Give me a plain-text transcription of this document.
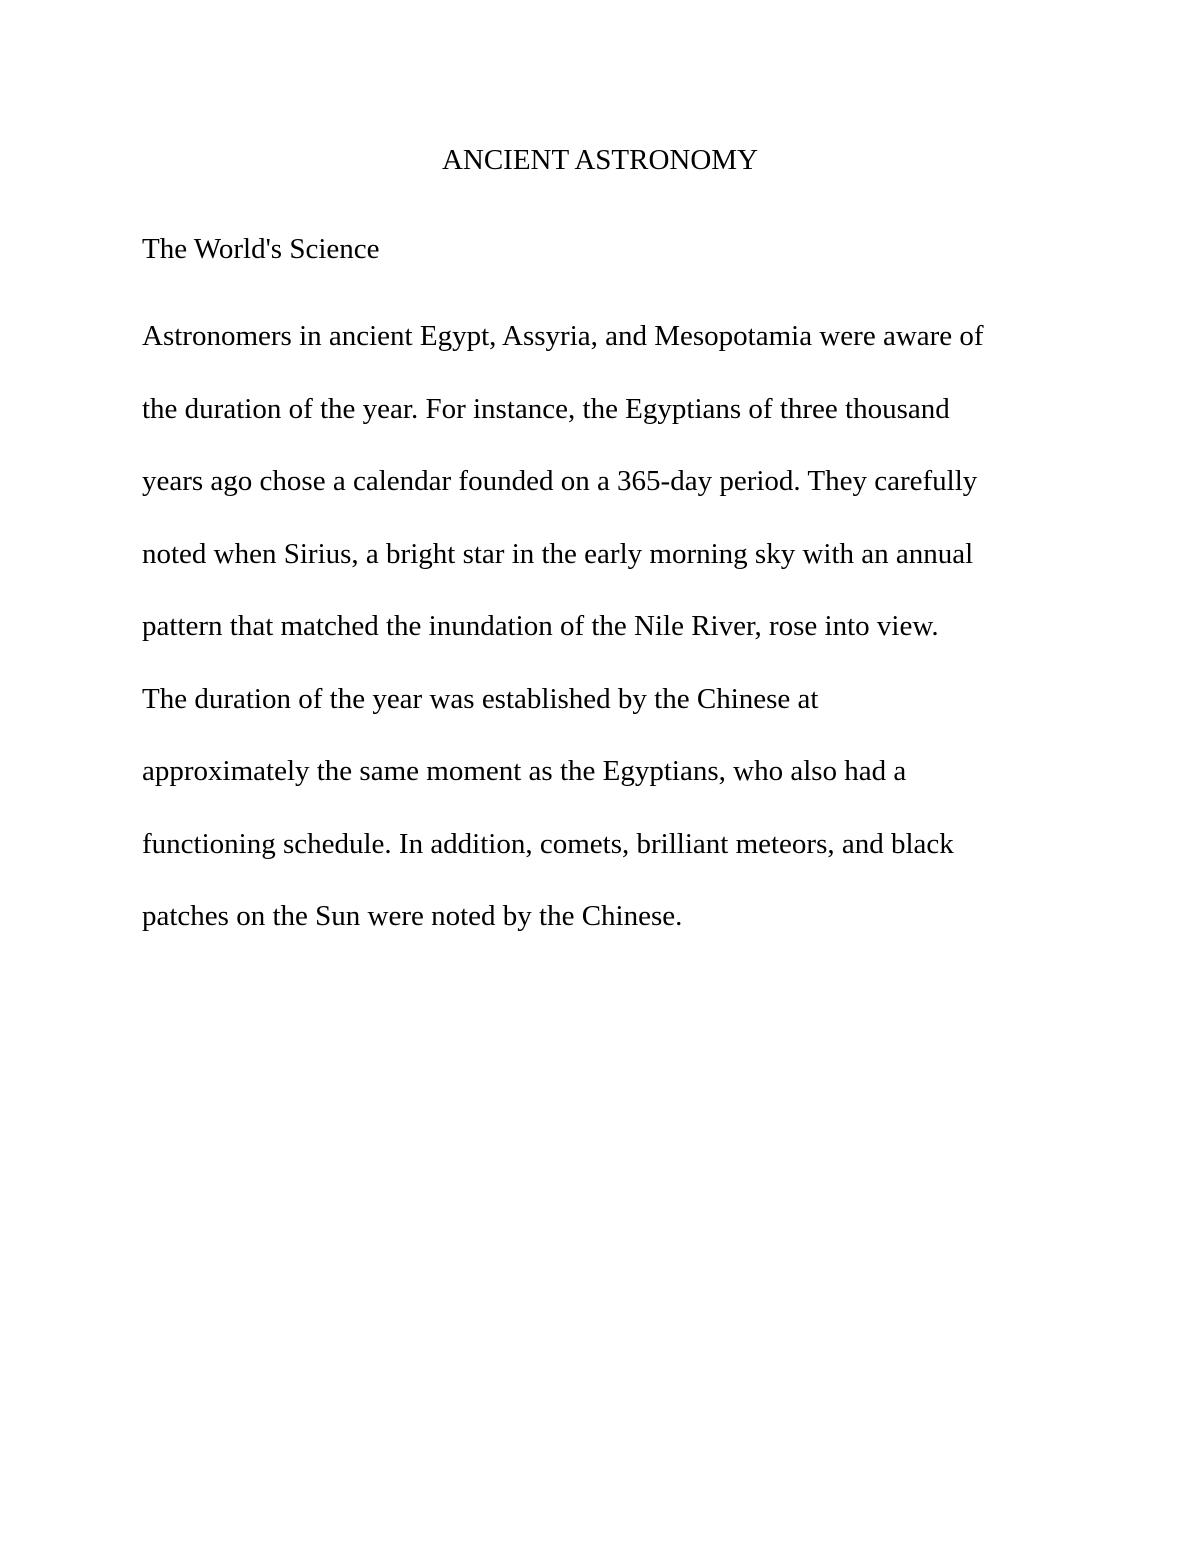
ANCIENT ASTRONOMY
The World's Science
Astronomers in ancient Egypt, Assyria, and Mesopotamia were aware of
the duration of the year. For instance, the Egyptians of three thousand
years ago chose a calendar founded on a 365-day period. They carefully
noted when Sirius, a bright star in the early morning sky with an annual
pattern that matched the inundation of the Nile River, rose into view.
The duration of the year was established by the Chinese at
approximately the same moment as the Egyptians, who also had a
functioning schedule. In addition, comets, brilliant meteors, and black
patches on the Sun were noted by the Chinese.
